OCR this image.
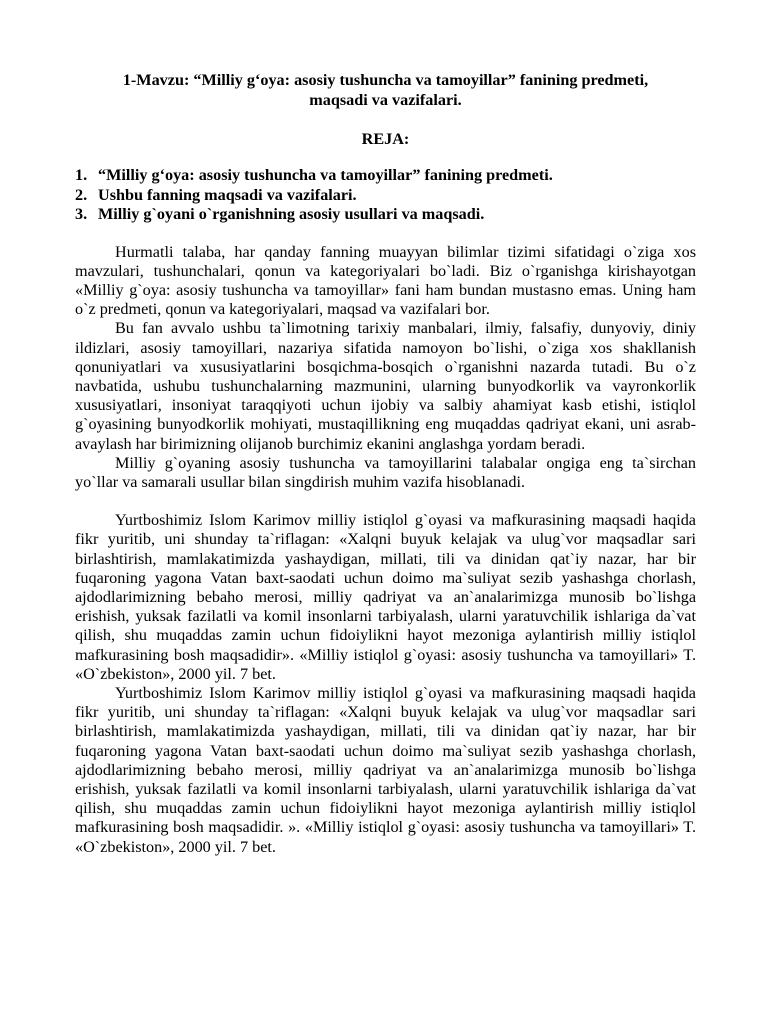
1-Mavzu: “Milliy g‘oya: asosiy tushuncha va tamoyillar” fanining predmeti,
maqsadi va vazifalari.
REJA:
1. “Milliy g‘oya: asosiy tushuncha va tamoyillar” fanining predmeti.
2. Ushbu fanning maqsadi va vazifalari.
3. Milliy g`oyani o`rganishning asosiy usullari va maqsadi.

Hurmatli talaba, har qanday fanning muayyan bilimlar tizimi sifatidagi o`ziga xos mavzulari, tushunchalari, qonun va kategoriyalari bo`ladi. Biz o`rganishga kirishayotgan «Milliy g`oya: asosiy tushuncha va tamoyillar» fani ham bundan mustasno emas. Uning ham o`z predmeti, qonun va kategoriyalari, maqsad va vazifalari bor.

Bu fan avvalo ushbu ta`limotning tarixiy manbalari, ilmiy, falsafiy, dunyoviy, diniy ildizlari, asosiy tamoyillari, nazariya sifatida namoyon bo`lishi, o`ziga xos shakllanish qonuniyatlari va xususiyatlarini bosqichma-bosqich o`rganishni nazarda tutadi. Bu o`z navbatida, ushubu tushunchalarning mazmunini, ularning bunyodkorlik va vayronkorlik xususiyatlari, insoniyat taraqqiyoti uchun ijobiy va salbiy ahamiyat kasb etishi, istiqlol g`oyasining bunyodkorlik mohiyati, mustaqillikning eng muqaddas qadriyat ekani, uni asrab-avaylash har birimizning olijanob burchimiz ekanini anglashga yordam beradi.

Milliy g`oyaning asosiy tushuncha va tamoyillarini talabalar ongiga eng ta`sirchan yo`llar va samarali usullar bilan singdirish muhim vazifa hisoblanadi.

Yurtboshimiz Islom Karimov milliy istiqlol g`oyasi va mafkurasining maqsadi haqida fikr yuritib, uni shunday ta`riflagan: «Xalqni buyuk kelajak va ulug`vor maqsadlar sari birlashtirish, mamlakatimizda yashaydigan, millati, tili va dinidan qat`iy nazar, har bir fuqaroning yagona Vatan baxt-saodati uchun doimo ma`suliyat sezib yashashga chorlash, ajdodlarimizning bebaho merosi, milliy qadriyat va an`analarimizga munosib bo`lishga erishish, yuksak fazilatli va komil insonlarni tarbiyalash, ularni yaratuvchilik ishlariga da`vat qilish, shu muqaddas zamin uchun fidoiylikni hayot mezoniga aylantirish milliy istiqlol mafkurasining bosh maqsadidir». «Milliy istiqlol g`oyasi: asosiy tushuncha va tamoyillari» T. «O`zbekiston», 2000 yil. 7 bet.

Yurtboshimiz Islom Karimov milliy istiqlol g`oyasi va mafkurasining maqsadi haqida fikr yuritib, uni shunday ta`riflagan: «Xalqni buyuk kelajak va ulug`vor maqsadlar sari birlashtirish, mamlakatimizda yashaydigan, millati, tili va dinidan qat`iy nazar, har bir fuqaroning yagona Vatan baxt-saodati uchun doimo ma`suliyat sezib yashashga chorlash, ajdodlarimizning bebaho merosi, milliy qadriyat va an`analarimizga munosib bo`lishga erishish, yuksak fazilatli va komil insonlarni tarbiyalash, ularni yaratuvchilik ishlariga da`vat qilish, shu muqaddas zamin uchun fidoiylikni hayot mezoniga aylantirish milliy istiqlol mafkurasining bosh maqsadidir. ». «Milliy istiqlol g`oyasi: asosiy tushuncha va tamoyillari» T. «O`zbekiston», 2000 yil. 7 bet.
